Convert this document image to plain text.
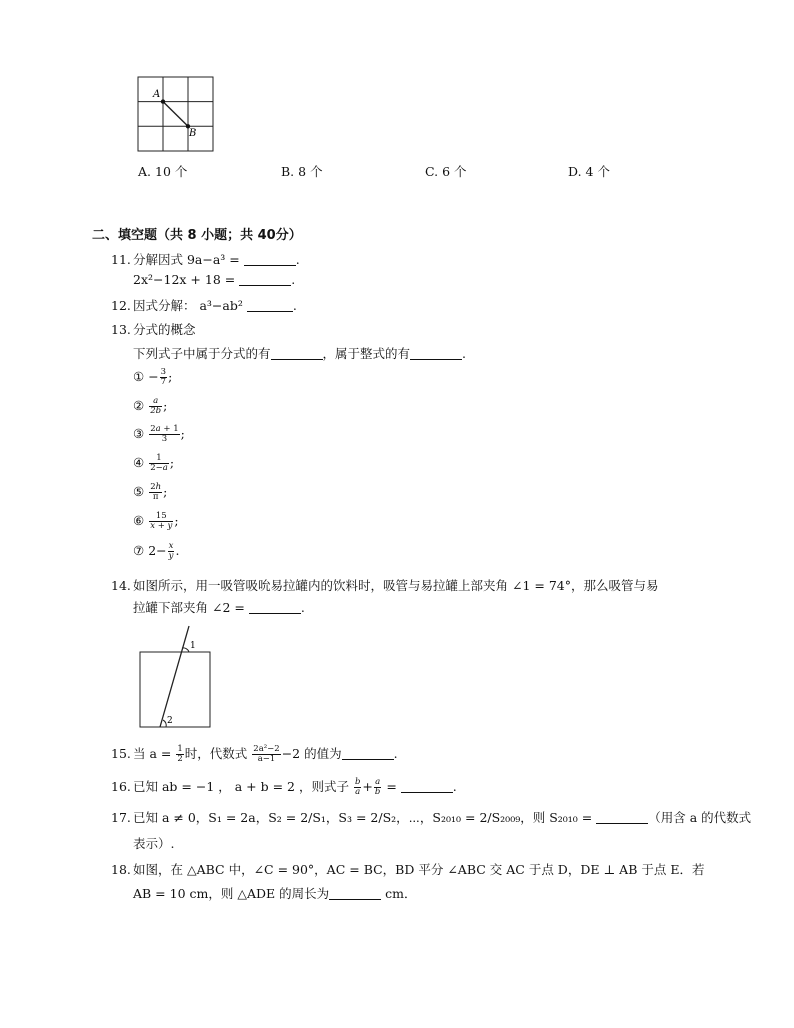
A
B
A. 10 个	B. 8 个	C. 6 个	D. 4 个
二、填空题（共 8 小题；共 40分）
11. 分解因式 9a−a³ =	.
2x²−12x + 18 =	.
12. 因式分解： a³−ab²	.
13. 分式的概念
下列式子中属于分式的有	，属于整式的有	.
① − $\frac{3}{7}$ ;
② $\frac{a}{2b}$ ;
③ $\frac{2a + 1}{3}$ ;
④ $\frac{1}{2-a}$ ;
⑤ $\frac{2h}{\pi}$ ;
⑥ $\frac{15}{x + y}$ ;
⑦ $2- \frac{x}{y}$ .
14. 如图所示，用一吸管吸吮易拉罐内的饮料时，吸管与易拉罐上部夹角 ∠1 = 74°，那么吸管与易
拉罐下部夹角 ∠2 =	.
1
2
15. 当 $a = \frac{1}{2}$ 时，代数式 $\frac{\text{2a²−2}}{a-1} -2$ 的值为	.
16. 已知 ab = −1 ， a + b = 2 ，则式子 $\frac{b}{a} + \frac{a}{b}$ =	.
17. 已知 a ≠ 0，S₁ = 2a，S₂ = 2/S₁，S₃ = 2/S₂，⋯，S₂₀₁₀ = 2/S₂₀₀₉，则 S₂₀₁₀ =	（用含 a 的代数式
表示）.
18. 如图，在 △ABC 中，∠C = 90°，AC = BC，BD 平分 ∠ABC 交 AC 于点 D，DE ⊥ AB 于点 E．若
AB = 10 cm，则 △ADE 的周长为	cm．
